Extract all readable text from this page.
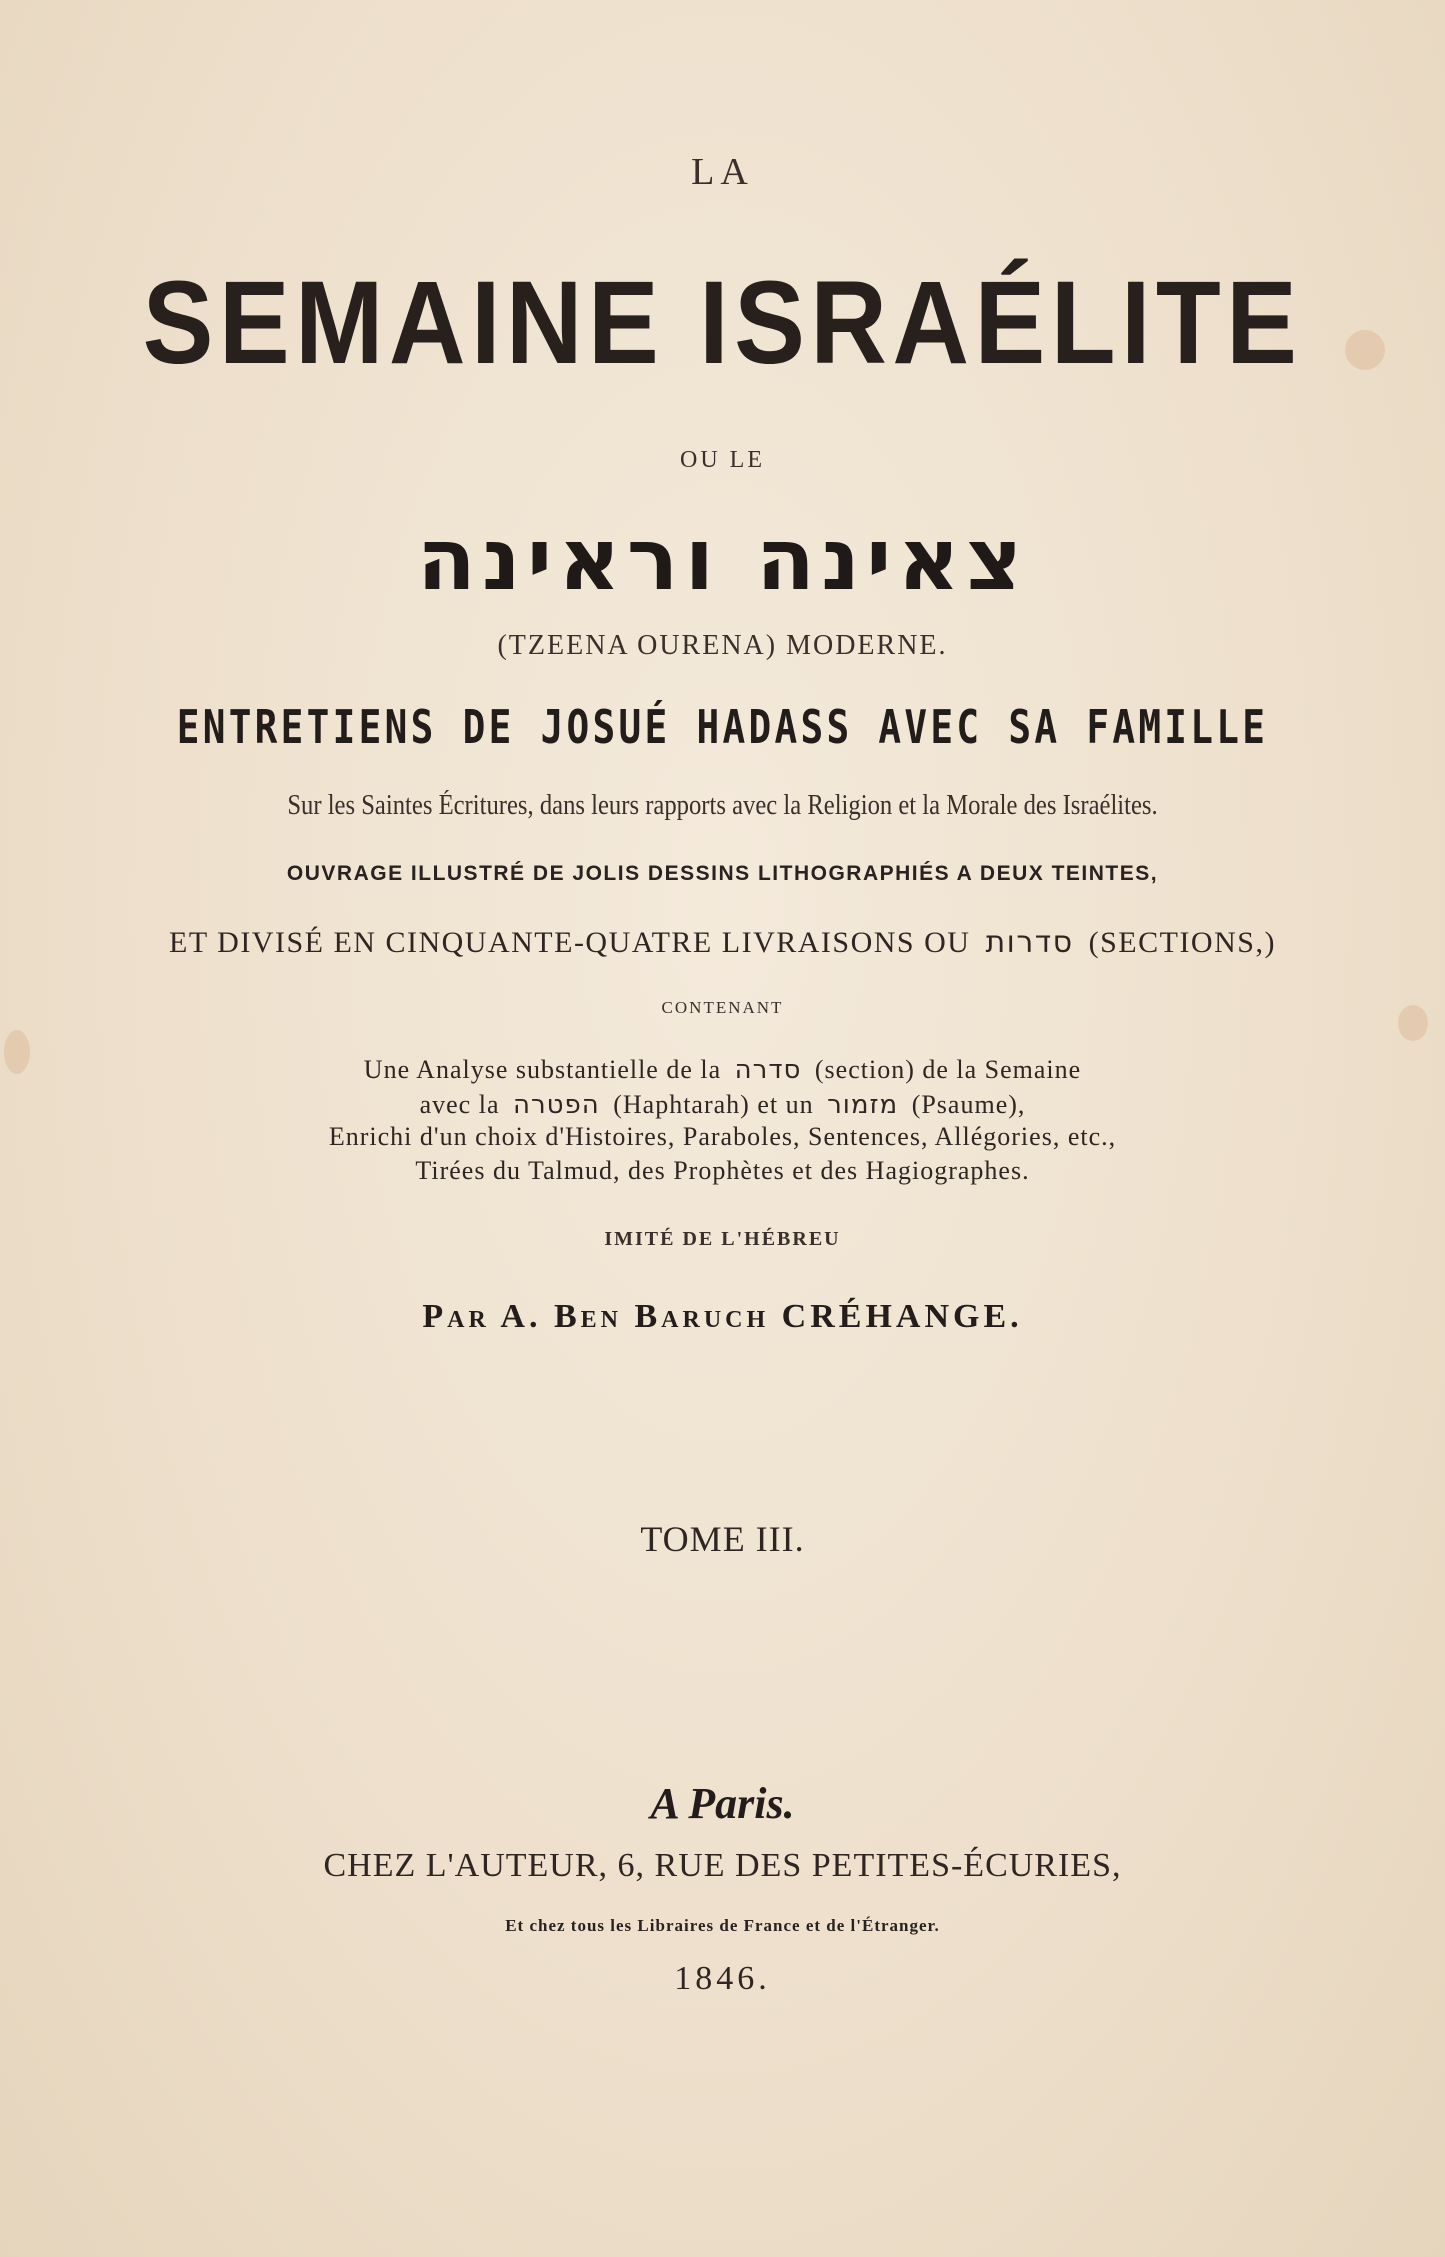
LA
SEMAINE ISRAÉLITE
OU LE
צאינה וראינה
(TZEENA OURENA) MODERNE.
ENTRETIENS DE JOSUÉ HADASS AVEC SA FAMILLE
Sur les Saintes Écritures, dans leurs rapports avec la Religion et la Morale des Israélites.
OUVRAGE ILLUSTRÉ DE JOLIS DESSINS LITHOGRAPHIÉS A DEUX TEINTES,
ET DIVISÉ EN CINQUANTE-QUATRE LIVRAISONS OU סדרות (SECTIONS,)
CONTENANT
Une Analyse substantielle de la סדרה (section) de la Semaine
avec la הפטרה (Haphtarah) et un מזמור (Psaume),
Enrichi d'un choix d'Histoires, Paraboles, Sentences, Allégories, etc.,
Tirées du Talmud, des Prophètes et des Hagiographes.
IMITÉ DE L'HÉBREU
Par A. Ben Baruch CRÉHANGE.
TOME III.
A Paris.
CHEZ L'AUTEUR, 6, RUE DES PETITES-ÉCURIES,
Et chez tous les Libraires de France et de l'Étranger.
1846.
